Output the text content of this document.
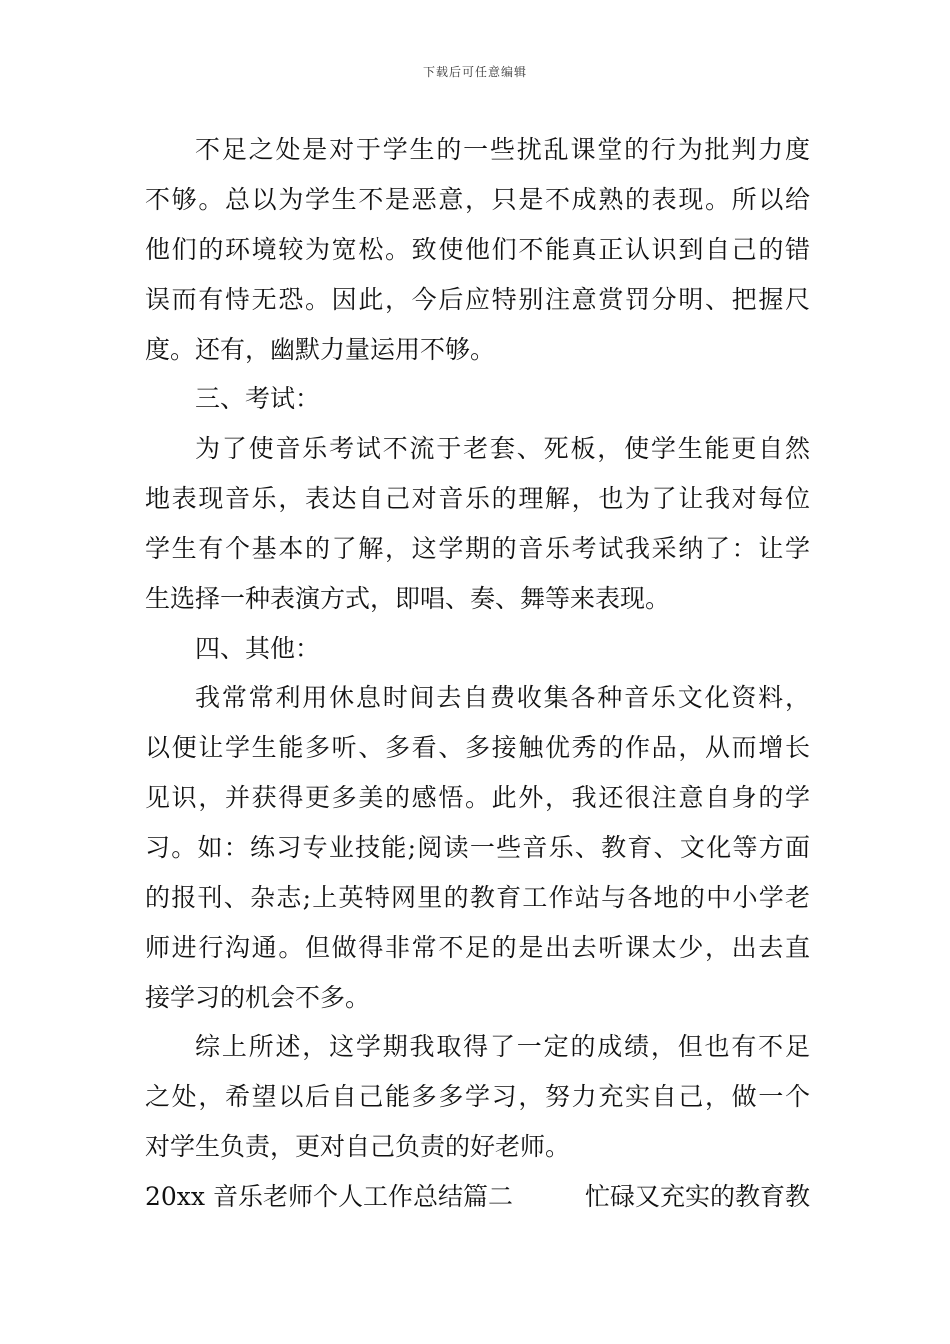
下载后可任意编辑
不足之处是对于学生的一些扰乱课堂的行为批判力度
不够。总以为学生不是恶意，只是不成熟的表现。所以给
他们的环境较为宽松。致使他们不能真正认识到自己的错
误而有恃无恐。因此，今后应特别注意赏罚分明、把握尺
度。还有，幽默力量运用不够。
三、考试：
为了使音乐考试不流于老套、死板，使学生能更自然
地表现音乐，表达自己对音乐的理解，也为了让我对每位
学生有个基本的了解，这学期的音乐考试我采纳了：让学
生选择一种表演方式，即唱、奏、舞等来表现。
四、其他：
我常常利用休息时间去自费收集各种音乐文化资料，
以便让学生能多听、多看、多接触优秀的作品，从而增长
见识，并获得更多美的感悟。此外，我还很注意自身的学
习。如：练习专业技能;阅读一些音乐、教育、文化等方面
的报刊、杂志;上英特网里的教育工作站与各地的中小学老
师进行沟通。但做得非常不足的是出去听课太少，出去直
接学习的机会不多。
综上所述，这学期我取得了一定的成绩，但也有不足
之处，希望以后自己能多多学习，努力充实自己，做一个
对学生负责，更对自己负责的好老师。
20xx 音乐老师个人工作总结篇二	忙碌又充实的教育教
